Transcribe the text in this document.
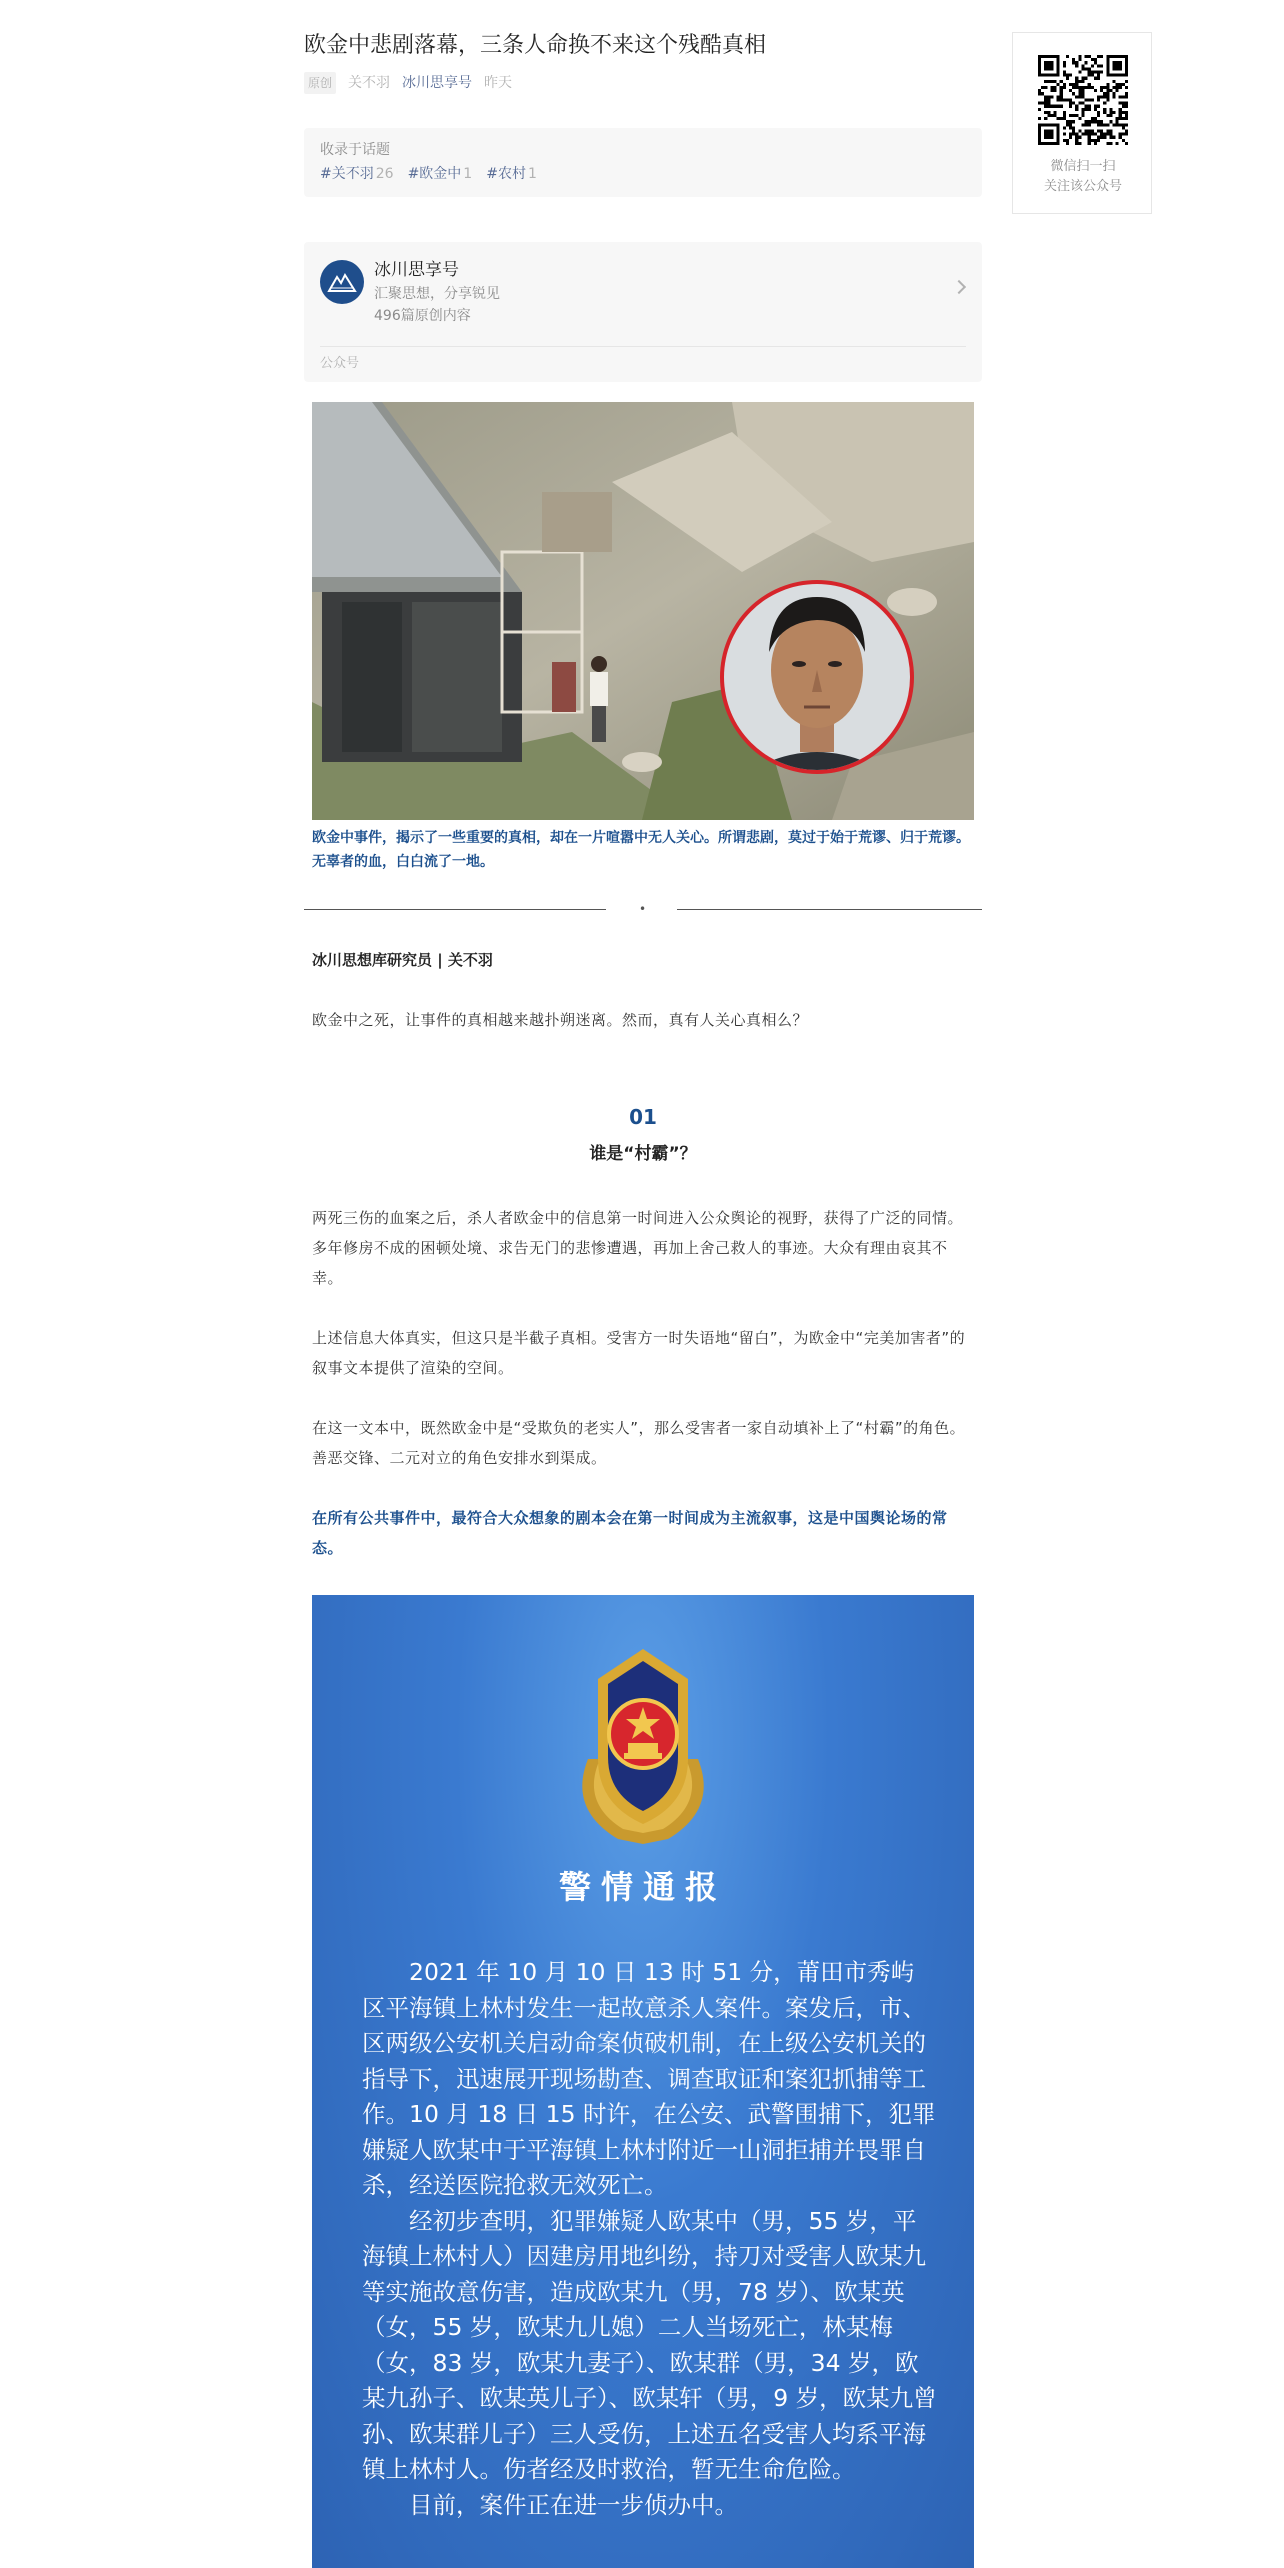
欧金中悲剧落幕，三条人命换不来这个残酷真相
原创 关不羽 冰川思享号 昨天
收录于话题
#关不羽 26 #欧金中 1 #农村 1
冰川思享号
汇聚思想，分享锐见
496篇原创内容
公众号
欧金中事件，揭示了一些重要的真相，却在一片喧嚣中无人关心。所谓悲剧，莫过于始于荒谬、归于荒谬。无辜者的血，白白流了一地。
•
冰川思想库研究员 | 关不羽
欧金中之死，让事件的真相越来越扑朔迷离。然而，真有人关心真相么？
01
谁是“村霸”？
两死三伤的血案之后，杀人者欧金中的信息第一时间进入公众舆论的视野，获得了广泛的同情。多年修房不成的困顿处境、求告无门的悲惨遭遇，再加上舍己救人的事迹。大众有理由哀其不幸。
上述信息大体真实，但这只是半截子真相。受害方一时失语地“留白”，为欧金中“完美加害者”的叙事文本提供了渲染的空间。
在这一文本中，既然欧金中是“受欺负的老实人”，那么受害者一家自动填补上了“村霸”的角色。善恶交锋、二元对立的角色安排水到渠成。
在所有公共事件中，最符合大众想象的剧本会在第一时间成为主流叙事，这是中国舆论场的常态。
警情通报

2021 年 10 月 10 日 13 时 51 分，莆田市秀屿区平海镇上林村发生一起故意杀人案件。案发后，市、区两级公安机关启动命案侦破机制，在上级公安机关的指导下，迅速展开现场勘查、调查取证和案犯抓捕等工作。10 月 18 日 15 时许，在公安、武警围捕下，犯罪嫌疑人欧某中于平海镇上林村附近一山洞拒捕并畏罪自杀，经送医院抢救无效死亡。

经初步查明，犯罪嫌疑人欧某中（男，55 岁，平海镇上林村人）因建房用地纠纷，持刀对受害人欧某九等实施故意伤害，造成欧某九（男，78 岁）、欧某英（女，55 岁，欧某九儿媳）二人当场死亡，林某梅（女，83 岁，欧某九妻子）、欧某群（男，34 岁，欧某九孙子、欧某英儿子）、欧某轩（男，9 岁，欧某九曾孙、欧某群儿子）三人受伤，上述五名受害人均系平海镇上林村人。伤者经及时救治，暂无生命危险。

目前，案件正在进一步侦办中。

微信扫一扫
关注该公众号
